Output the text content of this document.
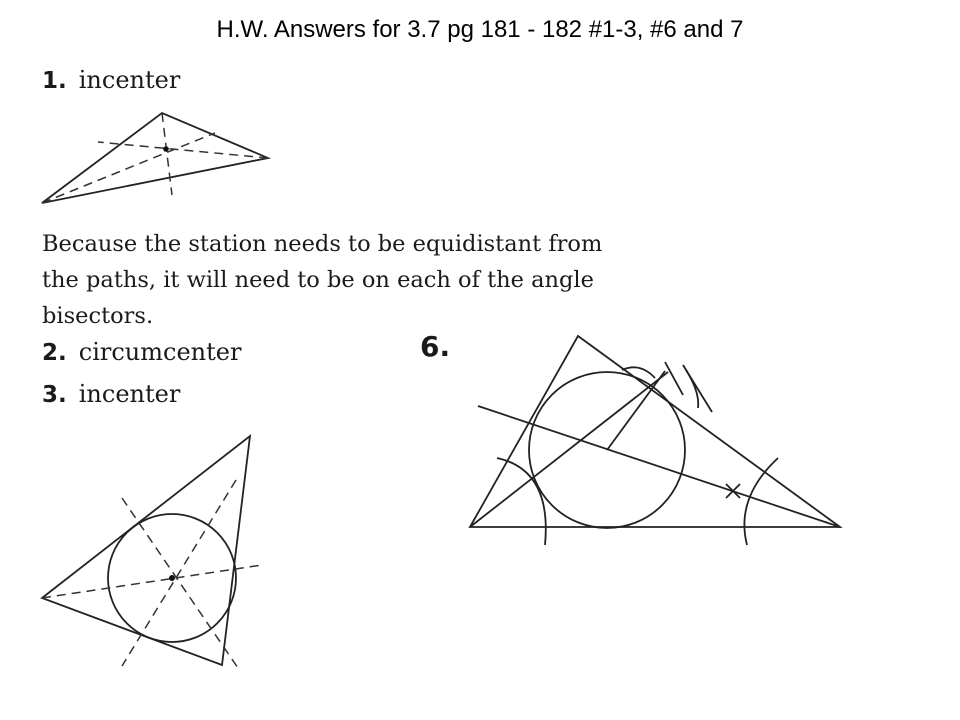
H.W. Answers for 3.7 pg 181 - 182 #1-3, #6 and 7
1. incenter
Because the station needs to be equidistant from
the paths, it will need to be on each of the angle
bisectors.
2. circumcenter
3. incenter
6.
